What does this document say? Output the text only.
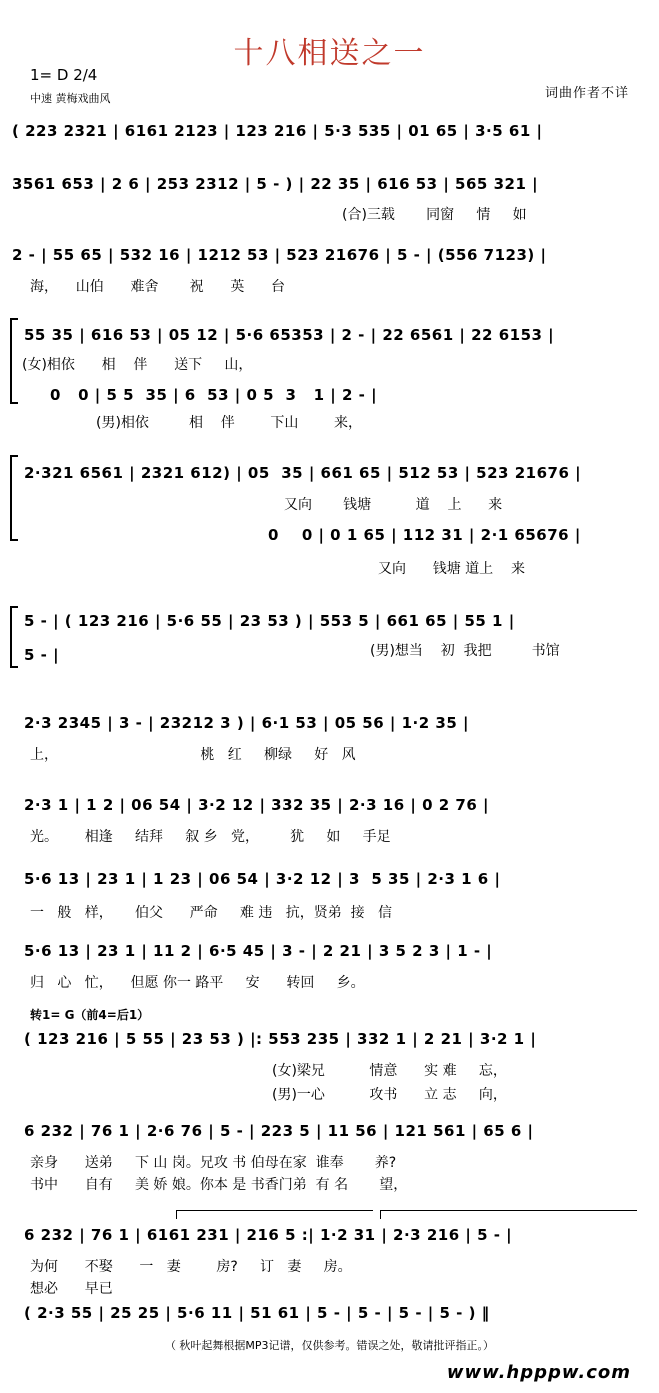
十八相送之一
1= D 2/4
中速 黄梅戏曲风	词曲作者不详
( 223 2321 | 6161 2123 | 123 216 | 5·3 535 | 01 65 | 3·5 61 |
3561 653 | 2 6 | 253 2312 | 5 - ) | 22 35 | 616 53 | 565 321 |
(合)三载       同窗     情     如
2 - | 55 65 | 532 16 | 1212 53 | 523 21676 | 5 - | (556 7123) |
海，    山伯      难舍       祝      英      台
55 35 | 616 53 | 05 12 | 5·6 65353 | 2 - | 22 6561 | 22 6153 |
(女)相依      相    伴      送下     山，
0   0 | 5 5  35 | 6  53 | 0 5  3   1 | 2 - |
(男)相依         相    伴        下山        来，
2·321 6561 | 2321 612) | 05  35 | 661 65 | 512 53 | 523 21676 |
又向       钱塘          道    上      来
0    0 | 0 1 65 | 112 31 | 2·1 65676 |
又向      钱塘 道上    来
5 - | ( 123 216 | 5·6 55 | 23 53 ) | 553 5 | 661 65 | 55 1 |
(男)想当    初  我把         书馆
5 - |
2·3 2345 | 3 - | 23212 3 ) | 6·1 53 | 05 56 | 1·2 35 |
上，                                桃   红     柳绿     好   风
2·3 1 | 1 2 | 06 54 | 3·2 12 | 332 35 | 2·3 16 | 0 2 76 |
光。      相逢     结拜     叙 乡   党，       犹     如     手足
5·6 13 | 23 1 | 1 23 | 06 54 | 3·2 12 | 3  5 35 | 2·3 1 6 |
一   般   样，     伯父      严命     难 违   抗，贤弟  接   信
5·6 13 | 23 1 | 11 2 | 6·5 45 | 3 - | 2 21 | 3 5 2 3 | 1 - |
归   心   忙，    但愿 你一 路平     安      转回     乡。
转1= G（前4=后1）
( 123 216 | 5 55 | 23 53 ) |: 553 235 | 332 1 | 2 21 | 3·2 1 |
(女)梁兄          情意      实 难     忘，
(男)一心          攻书      立 志     向，
6 232 | 76 1 | 2·6 76 | 5 - | 223 5 | 11 56 | 121 561 | 65 6 |
亲身      送弟     下 山 岗。兄攻 书 伯母在家  谁奉       养?
书中      自有     美 娇 娘。你本 是 书香门弟  有 名       望，
6 232 | 76 1 | 6161 231 | 216 5 :| 1·2 31 | 2·3 216 | 5 - |
为何      不娶      一   妻        房?     订   妻     房。
想必      早已
( 2·3 55 | 25 25 | 5·6 11 | 51 61 | 5 - | 5 - | 5 - | 5 - ) ‖
（ 秋叶起舞根据MP3记谱，仅供参考。错误之处，敬请批评指正。）
www.hpppw.com
